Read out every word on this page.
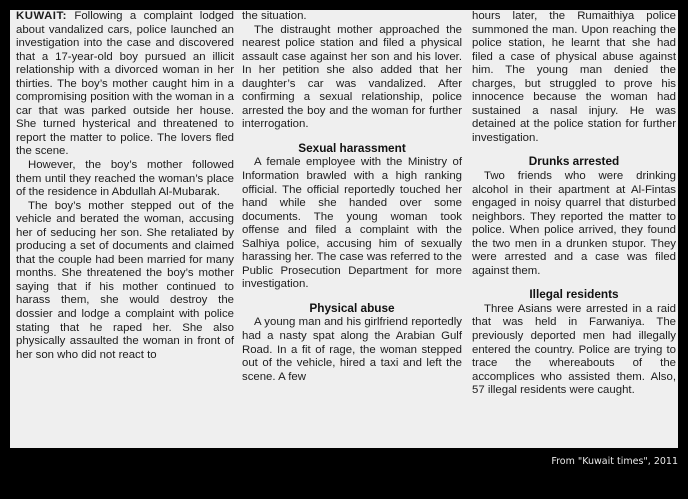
KUWAIT: Following a complaint lodged about vandalized cars, police launched an investigation into the case and discovered that a 17-year-old boy pursued an illicit relationship with a divorced woman in her thirties. The boy’s mother caught him in a compromising position with the woman in a car that was parked outside her house. She turned hysterical and threatened to report the matter to police. The lovers fled the scene.

However, the boy’s mother followed them until they reached the woman’s place of the residence in Abdullah Al-Mubarak.

The boy’s mother stepped out of the vehicle and berated the woman, accusing her of seducing her son. She retaliated by producing a set of documents and claimed that the couple had been married for many months. She threatened the boy’s mother saying that if his mother continued to harass them, she would destroy the dossier and lodge a complaint with police stating that he raped her. She also physically assaulted the woman in front of her son who did not react to

the situation.

The distraught mother approached the nearest police station and filed a physical assault case against her son and his lover. In her petition she also added that her daughter’s car was vandalized. After confirming a sexual relationship, police arrested the boy and the woman for further interrogation.

Sexual harassment

A female employee with the Ministry of Information brawled with a high ranking official. The official reportedly touched her hand while she handed over some documents. The young woman took offense and filed a complaint with the Salhiya police, accusing him of sexually harassing her. The case was referred to the Public Prosecution Department for more investigation.

Physical abuse

A young man and his girlfriend reportedly had a nasty spat along the Arabian Gulf Road. In a fit of rage, the woman stepped out of the vehicle, hired a taxi and left the scene. A few

hours later, the Rumaithiya police summoned the man. Upon reaching the police station, he learnt that she had filed a case of physical abuse against him. The young man denied the charges, but struggled to prove his innocence because the woman had sustained a nasal injury. He was detained at the police station for further investigation.

Drunks arrested

Two friends who were drinking alcohol in their apartment at Al-Fintas engaged in noisy quarrel that disturbed neighbors. They reported the matter to police. When police arrived, they found the two men in a drunken stupor. They were arrested and a case was filed against them.

Illegal residents

Three Asians were arrested in a raid that was held in Farwaniya. The previously deported men had illegally entered the country. Police are trying to trace the whereabouts of the accomplices who assisted them. Also, 57 illegal residents were caught.

From "Kuwait times", 2011
